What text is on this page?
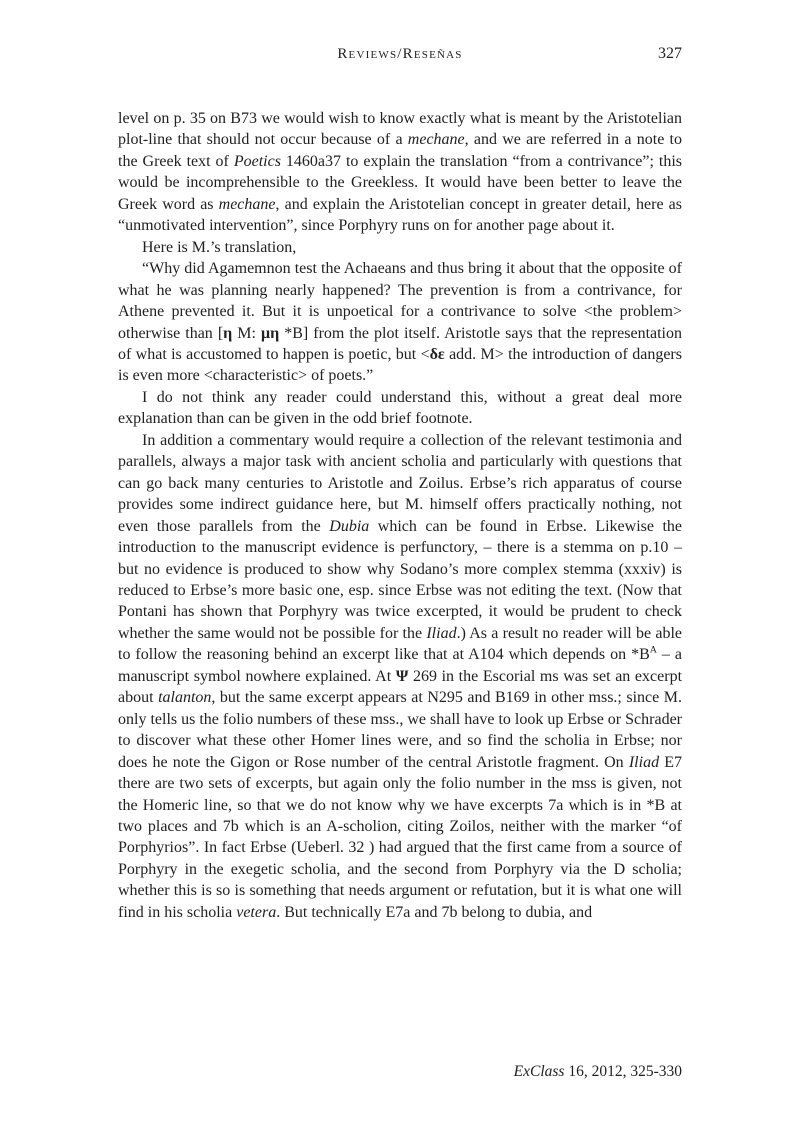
Reviews/Reseñas	327

level on p. 35 on B73 we would wish to know exactly what is meant by the Aristotelian plot-line that should not occur because of a mechane, and we are referred in a note to the Greek text of Poetics 1460a37 to explain the translation “from a contrivance”; this would be incomprehensible to the Greekless. It would have been better to leave the Greek word as mechane, and explain the Aristotelian concept in greater detail, here as “unmotivated intervention”, since Porphyry runs on for another page about it.

Here is M.’s translation,

“Why did Agamemnon test the Achaeans and thus bring it about that the opposite of what he was planning nearly happened? The prevention is from a contrivance, for Athene prevented it. But it is unpoetical for a contrivance to solve <the problem> otherwise than [η M: μη *B] from the plot itself. Aristotle says that the representation of what is accustomed to happen is poetic, but <δε add. M> the introduction of dangers is even more <characteristic> of poets.”

I do not think any reader could understand this, without a great deal more explanation than can be given in the odd brief footnote.

In addition a commentary would require a collection of the relevant testimonia and parallels, always a major task with ancient scholia and particularly with questions that can go back many centuries to Aristotle and Zoilus. Erbse’s rich apparatus of course provides some indirect guidance here, but M. himself offers practically nothing, not even those parallels from the Dubia which can be found in Erbse. Likewise the introduction to the manuscript evidence is perfunctory, – there is a stemma on p.10 – but no evidence is produced to show why Sodano’s more complex stemma (xxxiv) is reduced to Erbse’s more basic one, esp. since Erbse was not editing the text. (Now that Pontani has shown that Porphyry was twice excerpted, it would be prudent to check whether the same would not be possible for the Iliad.) As a result no reader will be able to follow the reasoning behind an excerpt like that at A104 which depends on $*B^A$ – a manuscript symbol nowhere explained. At Ψ 269 in the Escorial ms was set an excerpt about talanton, but the same excerpt appears at N295 and B169 in other mss.; since M. only tells us the folio numbers of these mss., we shall have to look up Erbse or Schrader to discover what these other Homer lines were, and so find the scholia in Erbse; nor does he note the Gigon or Rose number of the central Aristotle fragment. On Iliad E7 there are two sets of excerpts, but again only the folio number in the mss is given, not the Homeric line, so that we do not know why we have excerpts 7a which is in *B at two places and 7b which is an A-scholion, citing Zoilos, neither with the marker “of Porphyrios”. In fact Erbse (Ueberl. 32 ) had argued that the first came from a source of Porphyry in the exegetic scholia, and the second from Porphyry via the D scholia; whether this is so is something that needs argument or refutation, but it is what one will find in his scholia vetera. But technically E7a and 7b belong to dubia, and

ExClass 16, 2012, 325-330
